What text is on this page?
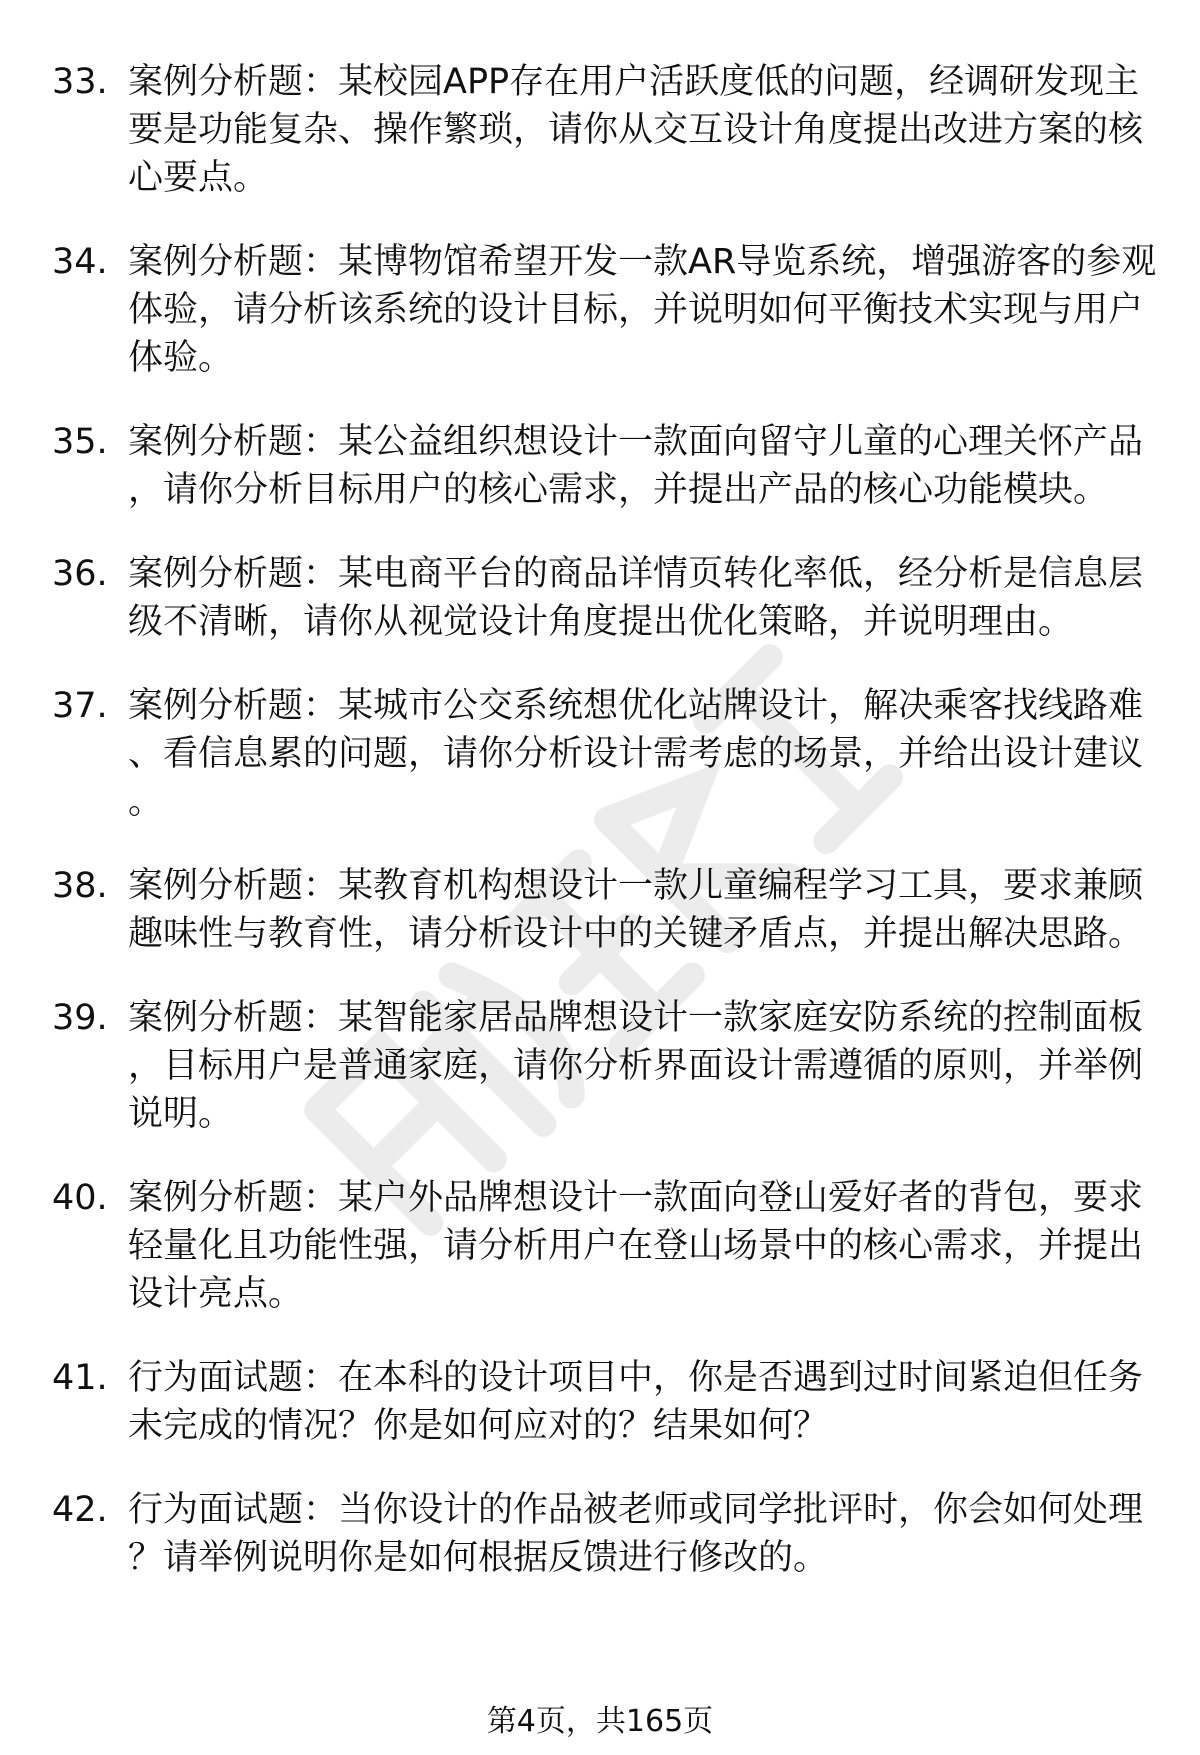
33. 案例分析题：某校园APP存在用户活跃度低的问题，经调研发现主要是功能复杂、操作繁琐，请你从交互设计角度提出改进方案的核心要点。
34. 案例分析题：某博物馆希望开发一款AR导览系统，增强游客的参观体验，请分析该系统的设计目标，并说明如何平衡技术实现与用户体验。
35. 案例分析题：某公益组织想设计一款面向留守儿童的心理关怀产品，请你分析目标用户的核心需求，并提出产品的核心功能模块。
36. 案例分析题：某电商平台的商品详情页转化率低，经分析是信息层级不清晰，请你从视觉设计角度提出优化策略，并说明理由。
37. 案例分析题：某城市公交系统想优化站牌设计，解决乘客找线路难、看信息累的问题，请你分析设计需考虑的场景，并给出设计建议。
38. 案例分析题：某教育机构想设计一款儿童编程学习工具，要求兼顾趣味性与教育性，请分析设计中的关键矛盾点，并提出解决思路。
39. 案例分析题：某智能家居品牌想设计一款家庭安防系统的控制面板，目标用户是普通家庭，请你分析界面设计需遵循的原则，并举例说明。
40. 案例分析题：某户外品牌想设计一款面向登山爱好者的背包，要求轻量化且功能性强，请分析用户在登山场景中的核心需求，并提出设计亮点。
41. 行为面试题：在本科的设计项目中，你是否遇到过时间紧迫但任务未完成的情况？你是如何应对的？结果如何？
42. 行为面试题：当你设计的作品被老师或同学批评时，你会如何处理？请举例说明你是如何根据反馈进行修改的。
第4页，共165页
